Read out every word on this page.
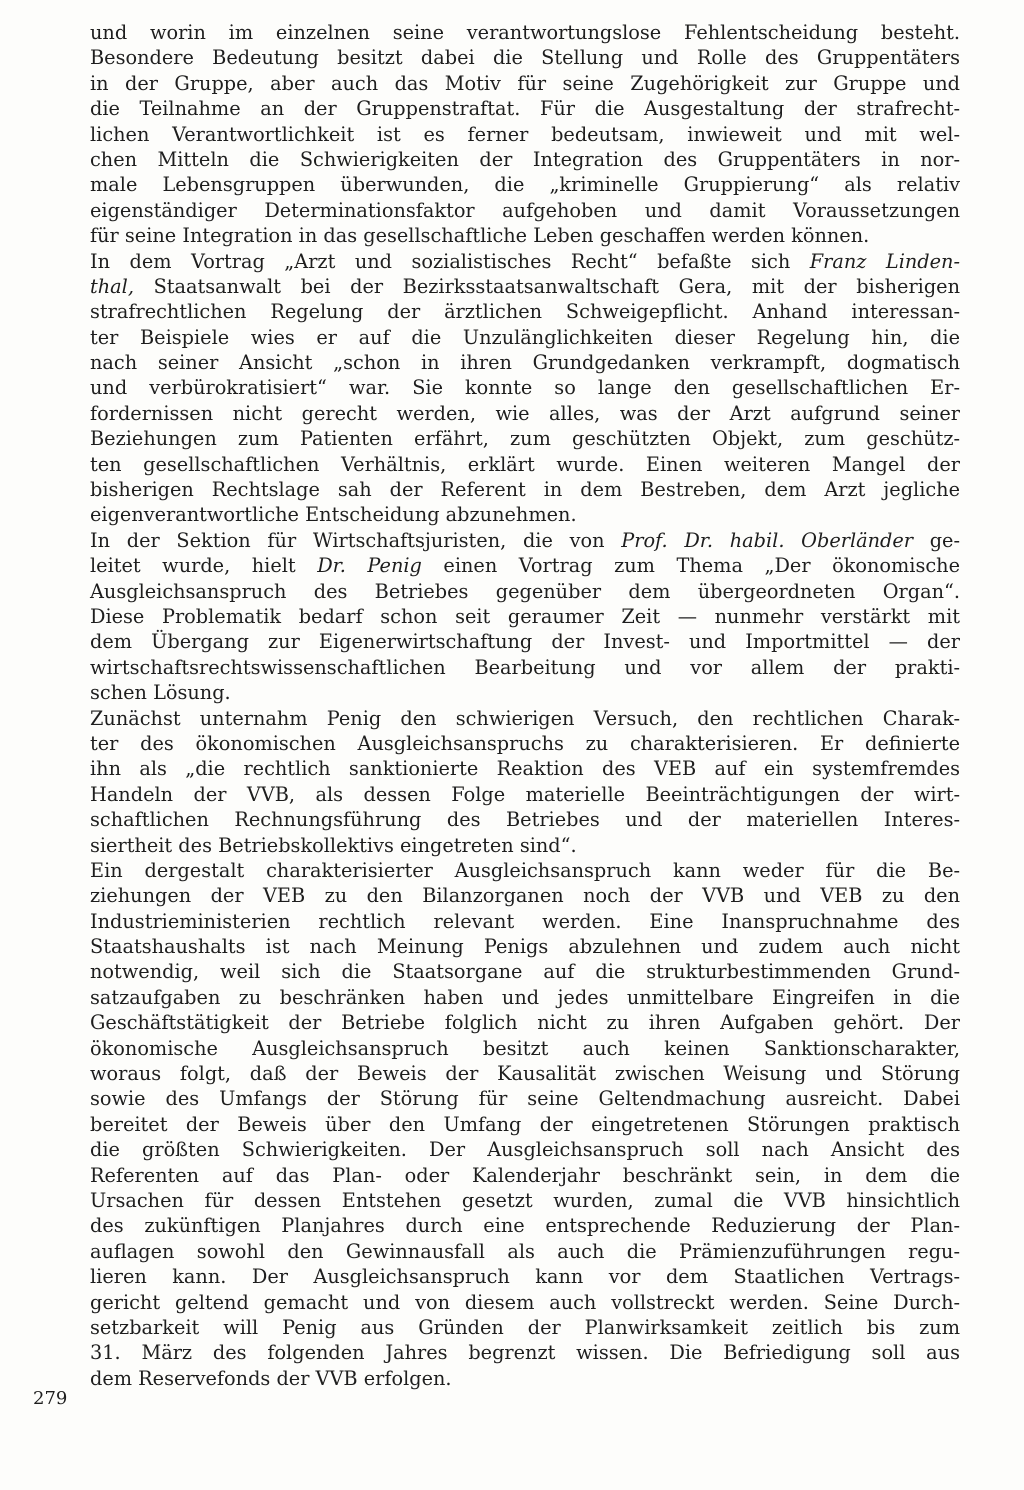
und worin im einzelnen seine verantwortungslose Fehlentscheidung besteht.
Besondere Bedeutung besitzt dabei die Stellung und Rolle des Gruppentäters
in der Gruppe, aber auch das Motiv für seine Zugehörigkeit zur Gruppe und
die Teilnahme an der Gruppenstraftat. Für die Ausgestaltung der strafrecht-
lichen Verantwortlichkeit ist es ferner bedeutsam, inwieweit und mit wel-
chen Mitteln die Schwierigkeiten der Integration des Gruppentäters in nor-
male Lebensgruppen überwunden, die „kriminelle Gruppierung“ als relativ
eigenständiger Determinationsfaktor aufgehoben und damit Voraussetzungen
für seine Integration in das gesellschaftliche Leben geschaffen werden können.
In dem Vortrag „Arzt und sozialistisches Recht“ befaßte sich Franz Linden-
thal, Staatsanwalt bei der Bezirksstaatsanwaltschaft Gera, mit der bisherigen
strafrechtlichen Regelung der ärztlichen Schweigepflicht. Anhand interessan-
ter Beispiele wies er auf die Unzulänglichkeiten dieser Regelung hin, die
nach seiner Ansicht „schon in ihren Grundgedanken verkrampft, dogmatisch
und verbürokratisiert“ war. Sie konnte so lange den gesellschaftlichen Er-
fordernissen nicht gerecht werden, wie alles, was der Arzt aufgrund seiner
Beziehungen zum Patienten erfährt, zum geschützten Objekt, zum geschütz-
ten gesellschaftlichen Verhältnis, erklärt wurde. Einen weiteren Mangel der
bisherigen Rechtslage sah der Referent in dem Bestreben, dem Arzt jegliche
eigenverantwortliche Entscheidung abzunehmen.
In der Sektion für Wirtschaftsjuristen, die von Prof. Dr. habil. Oberländer ge-
leitet wurde, hielt Dr. Penig einen Vortrag zum Thema „Der ökonomische
Ausgleichsanspruch des Betriebes gegenüber dem übergeordneten Organ“.
Diese Problematik bedarf schon seit geraumer Zeit — nunmehr verstärkt mit
dem Übergang zur Eigenerwirtschaftung der Invest- und Importmittel — der
wirtschaftsrechtswissenschaftlichen Bearbeitung und vor allem der prakti-
schen Lösung.
Zunächst unternahm Penig den schwierigen Versuch, den rechtlichen Charak-
ter des ökonomischen Ausgleichsanspruchs zu charakterisieren. Er definierte
ihn als „die rechtlich sanktionierte Reaktion des VEB auf ein systemfremdes
Handeln der VVB, als dessen Folge materielle Beeinträchtigungen der wirt-
schaftlichen Rechnungsführung des Betriebes und der materiellen Interes-
siertheit des Betriebskollektivs eingetreten sind“.
Ein dergestalt charakterisierter Ausgleichsanspruch kann weder für die Be-
ziehungen der VEB zu den Bilanzorganen noch der VVB und VEB zu den
Industrieministerien rechtlich relevant werden. Eine Inanspruchnahme des
Staatshaushalts ist nach Meinung Penigs abzulehnen und zudem auch nicht
notwendig, weil sich die Staatsorgane auf die strukturbestimmenden Grund-
satzaufgaben zu beschränken haben und jedes unmittelbare Eingreifen in die
Geschäftstätigkeit der Betriebe folglich nicht zu ihren Aufgaben gehört. Der
ökonomische Ausgleichsanspruch besitzt auch keinen Sanktionscharakter,
woraus folgt, daß der Beweis der Kausalität zwischen Weisung und Störung
sowie des Umfangs der Störung für seine Geltendmachung ausreicht. Dabei
bereitet der Beweis über den Umfang der eingetretenen Störungen praktisch
die größten Schwierigkeiten. Der Ausgleichsanspruch soll nach Ansicht des
Referenten auf das Plan- oder Kalenderjahr beschränkt sein, in dem die
Ursachen für dessen Entstehen gesetzt wurden, zumal die VVB hinsichtlich
des zukünftigen Planjahres durch eine entsprechende Reduzierung der Plan-
auflagen sowohl den Gewinnausfall als auch die Prämienzuführungen regu-
lieren kann. Der Ausgleichsanspruch kann vor dem Staatlichen Vertrags-
gericht geltend gemacht und von diesem auch vollstreckt werden. Seine Durch-
setzbarkeit will Penig aus Gründen der Planwirksamkeit zeitlich bis zum
31. März des folgenden Jahres begrenzt wissen. Die Befriedigung soll aus
dem Reservefonds der VVB erfolgen.
279
